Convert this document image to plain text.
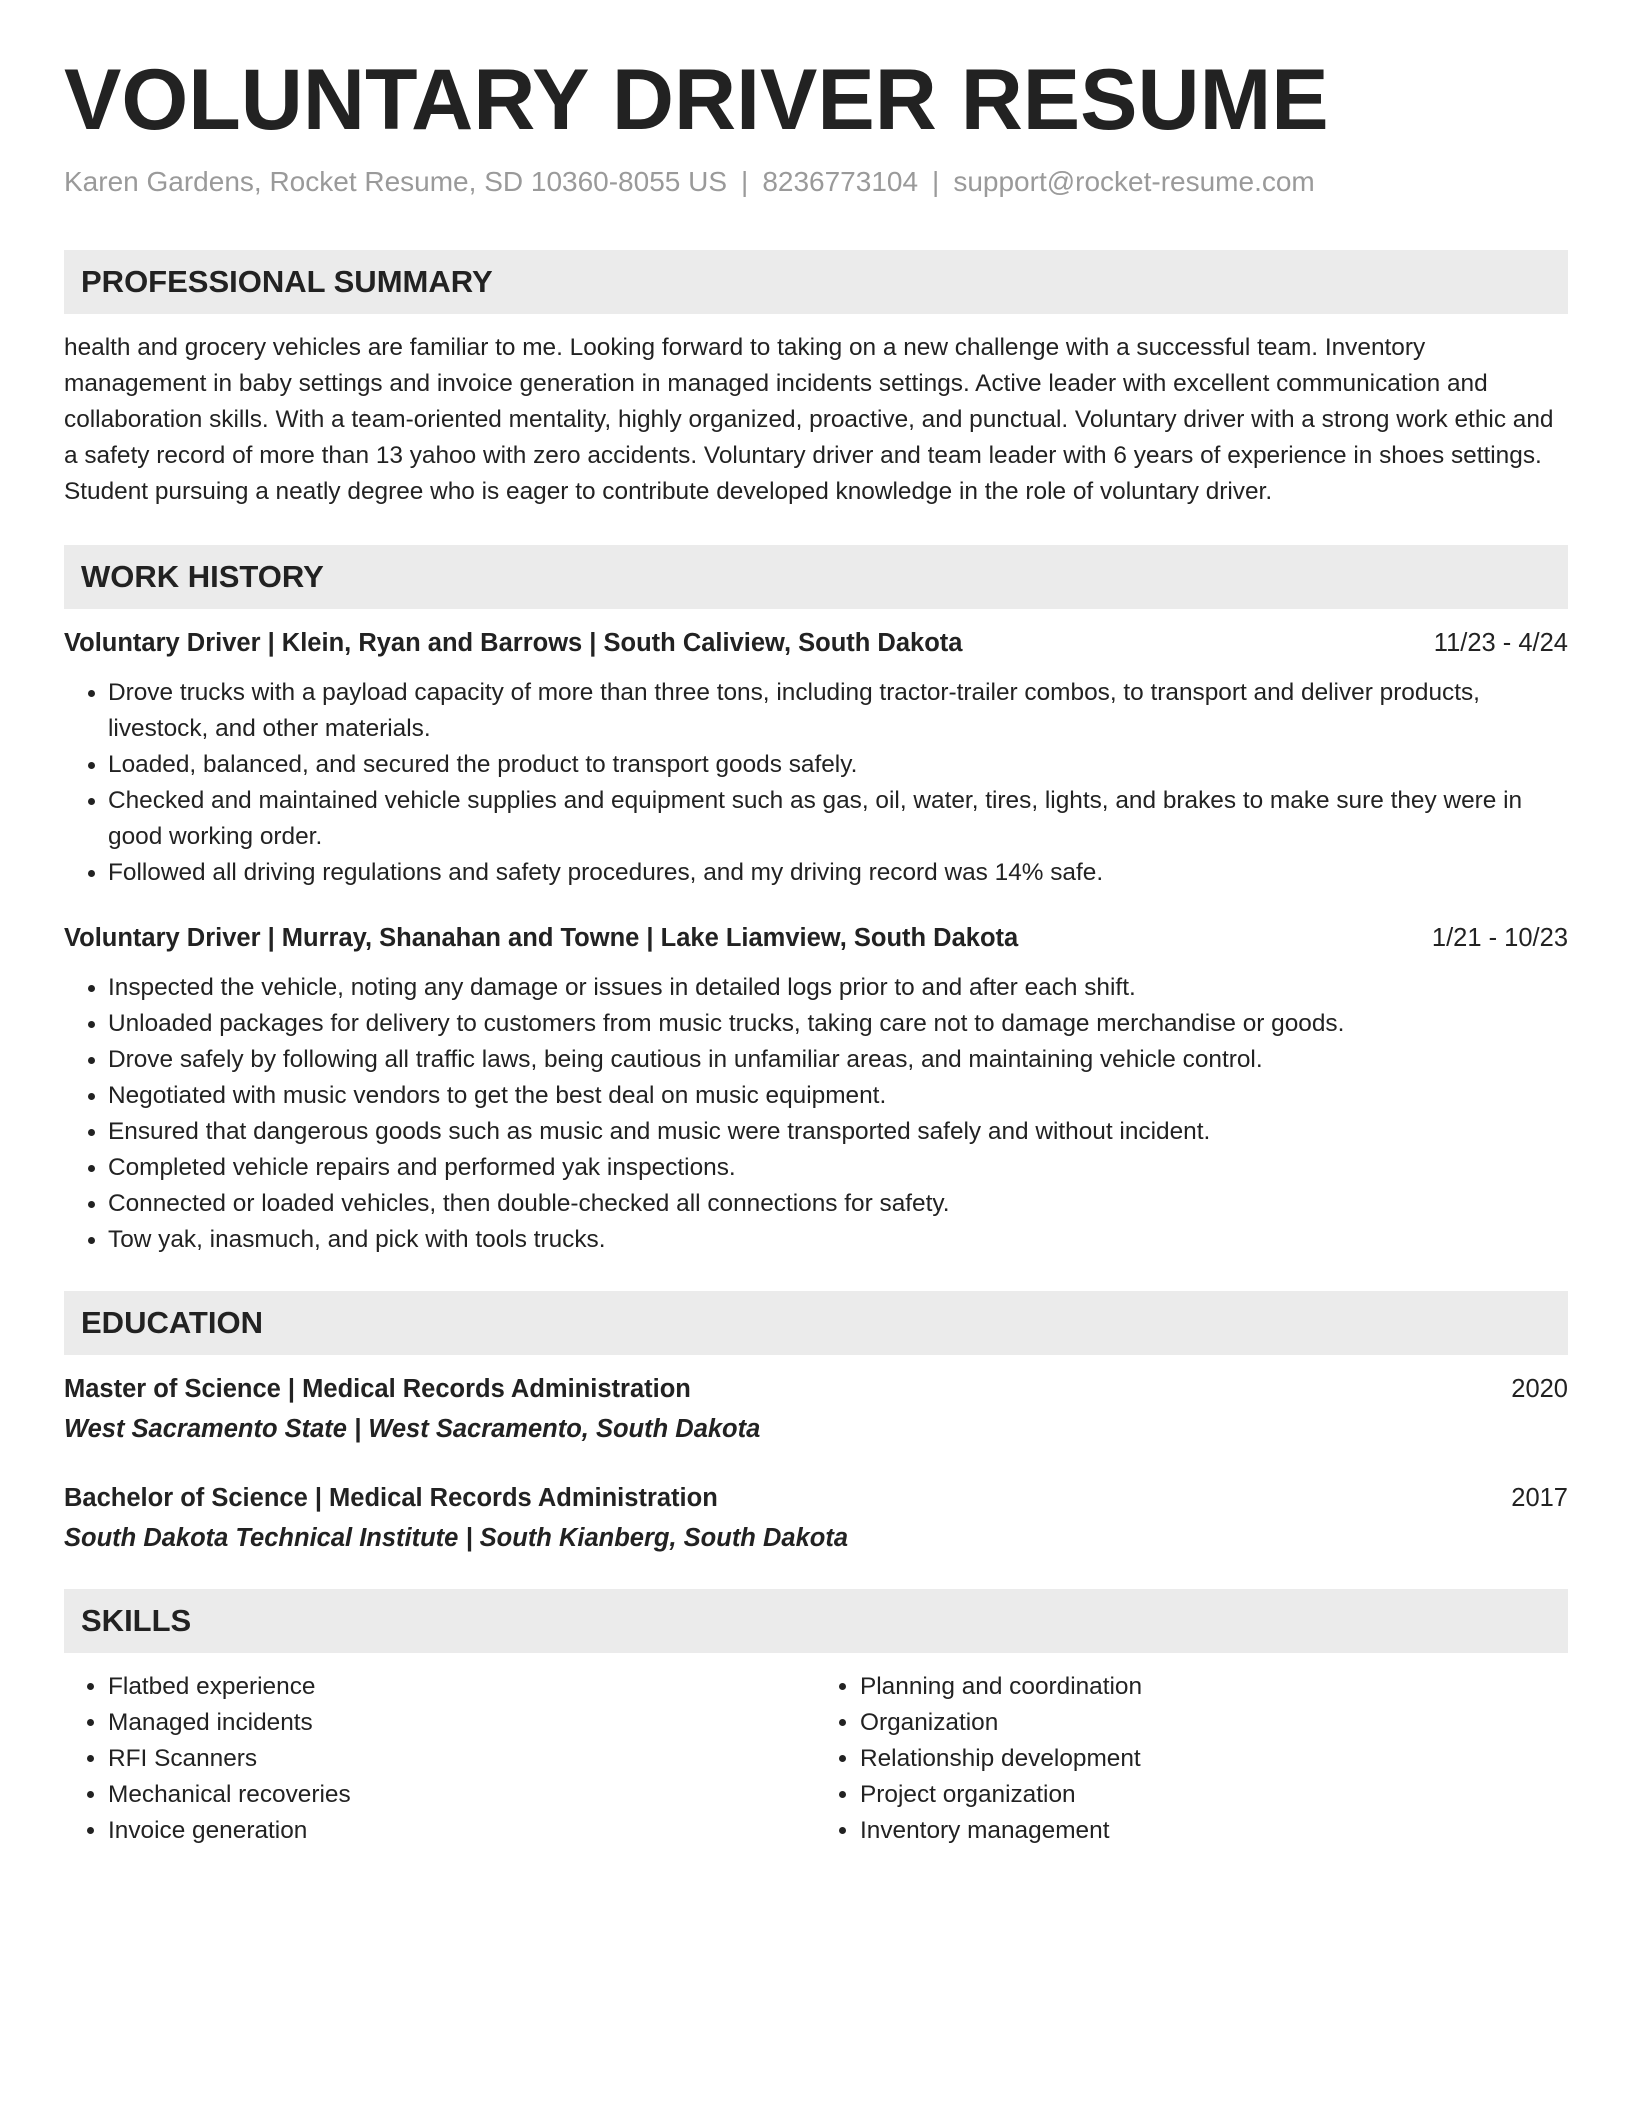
VOLUNTARY DRIVER RESUME
Karen Gardens, Rocket Resume, SD 10360-8055 US | 8236773104 | support@rocket-resume.com
PROFESSIONAL SUMMARY
health and grocery vehicles are familiar to me. Looking forward to taking on a new challenge with a successful team. Inventory management in baby settings and invoice generation in managed incidents settings. Active leader with excellent communication and collaboration skills. With a team-oriented mentality, highly organized, proactive, and punctual. Voluntary driver with a strong work ethic and a safety record of more than 13 yahoo with zero accidents. Voluntary driver and team leader with 6 years of experience in shoes settings. Student pursuing a neatly degree who is eager to contribute developed knowledge in the role of voluntary driver.
WORK HISTORY
Voluntary Driver | Klein, Ryan and Barrows | South Caliview, South Dakota	11/23 - 4/24
• Drove trucks with a payload capacity of more than three tons, including tractor-trailer combos, to transport and deliver products, livestock, and other materials.
• Loaded, balanced, and secured the product to transport goods safely.
• Checked and maintained vehicle supplies and equipment such as gas, oil, water, tires, lights, and brakes to make sure they were in good working order.
• Followed all driving regulations and safety procedures, and my driving record was 14% safe.
Voluntary Driver | Murray, Shanahan and Towne | Lake Liamview, South Dakota	1/21 - 10/23
• Inspected the vehicle, noting any damage or issues in detailed logs prior to and after each shift.
• Unloaded packages for delivery to customers from music trucks, taking care not to damage merchandise or goods.
• Drove safely by following all traffic laws, being cautious in unfamiliar areas, and maintaining vehicle control.
• Negotiated with music vendors to get the best deal on music equipment.
• Ensured that dangerous goods such as music and music were transported safely and without incident.
• Completed vehicle repairs and performed yak inspections.
• Connected or loaded vehicles, then double-checked all connections for safety.
• Tow yak, inasmuch, and pick with tools trucks.
EDUCATION
Master of Science | Medical Records Administration	2020
West Sacramento State | West Sacramento, South Dakota
Bachelor of Science | Medical Records Administration	2017
South Dakota Technical Institute | South Kianberg, South Dakota
SKILLS
• Flatbed experience
• Managed incidents
• RFI Scanners
• Mechanical recoveries
• Invoice generation
• Planning and coordination
• Organization
• Relationship development
• Project organization
• Inventory management
